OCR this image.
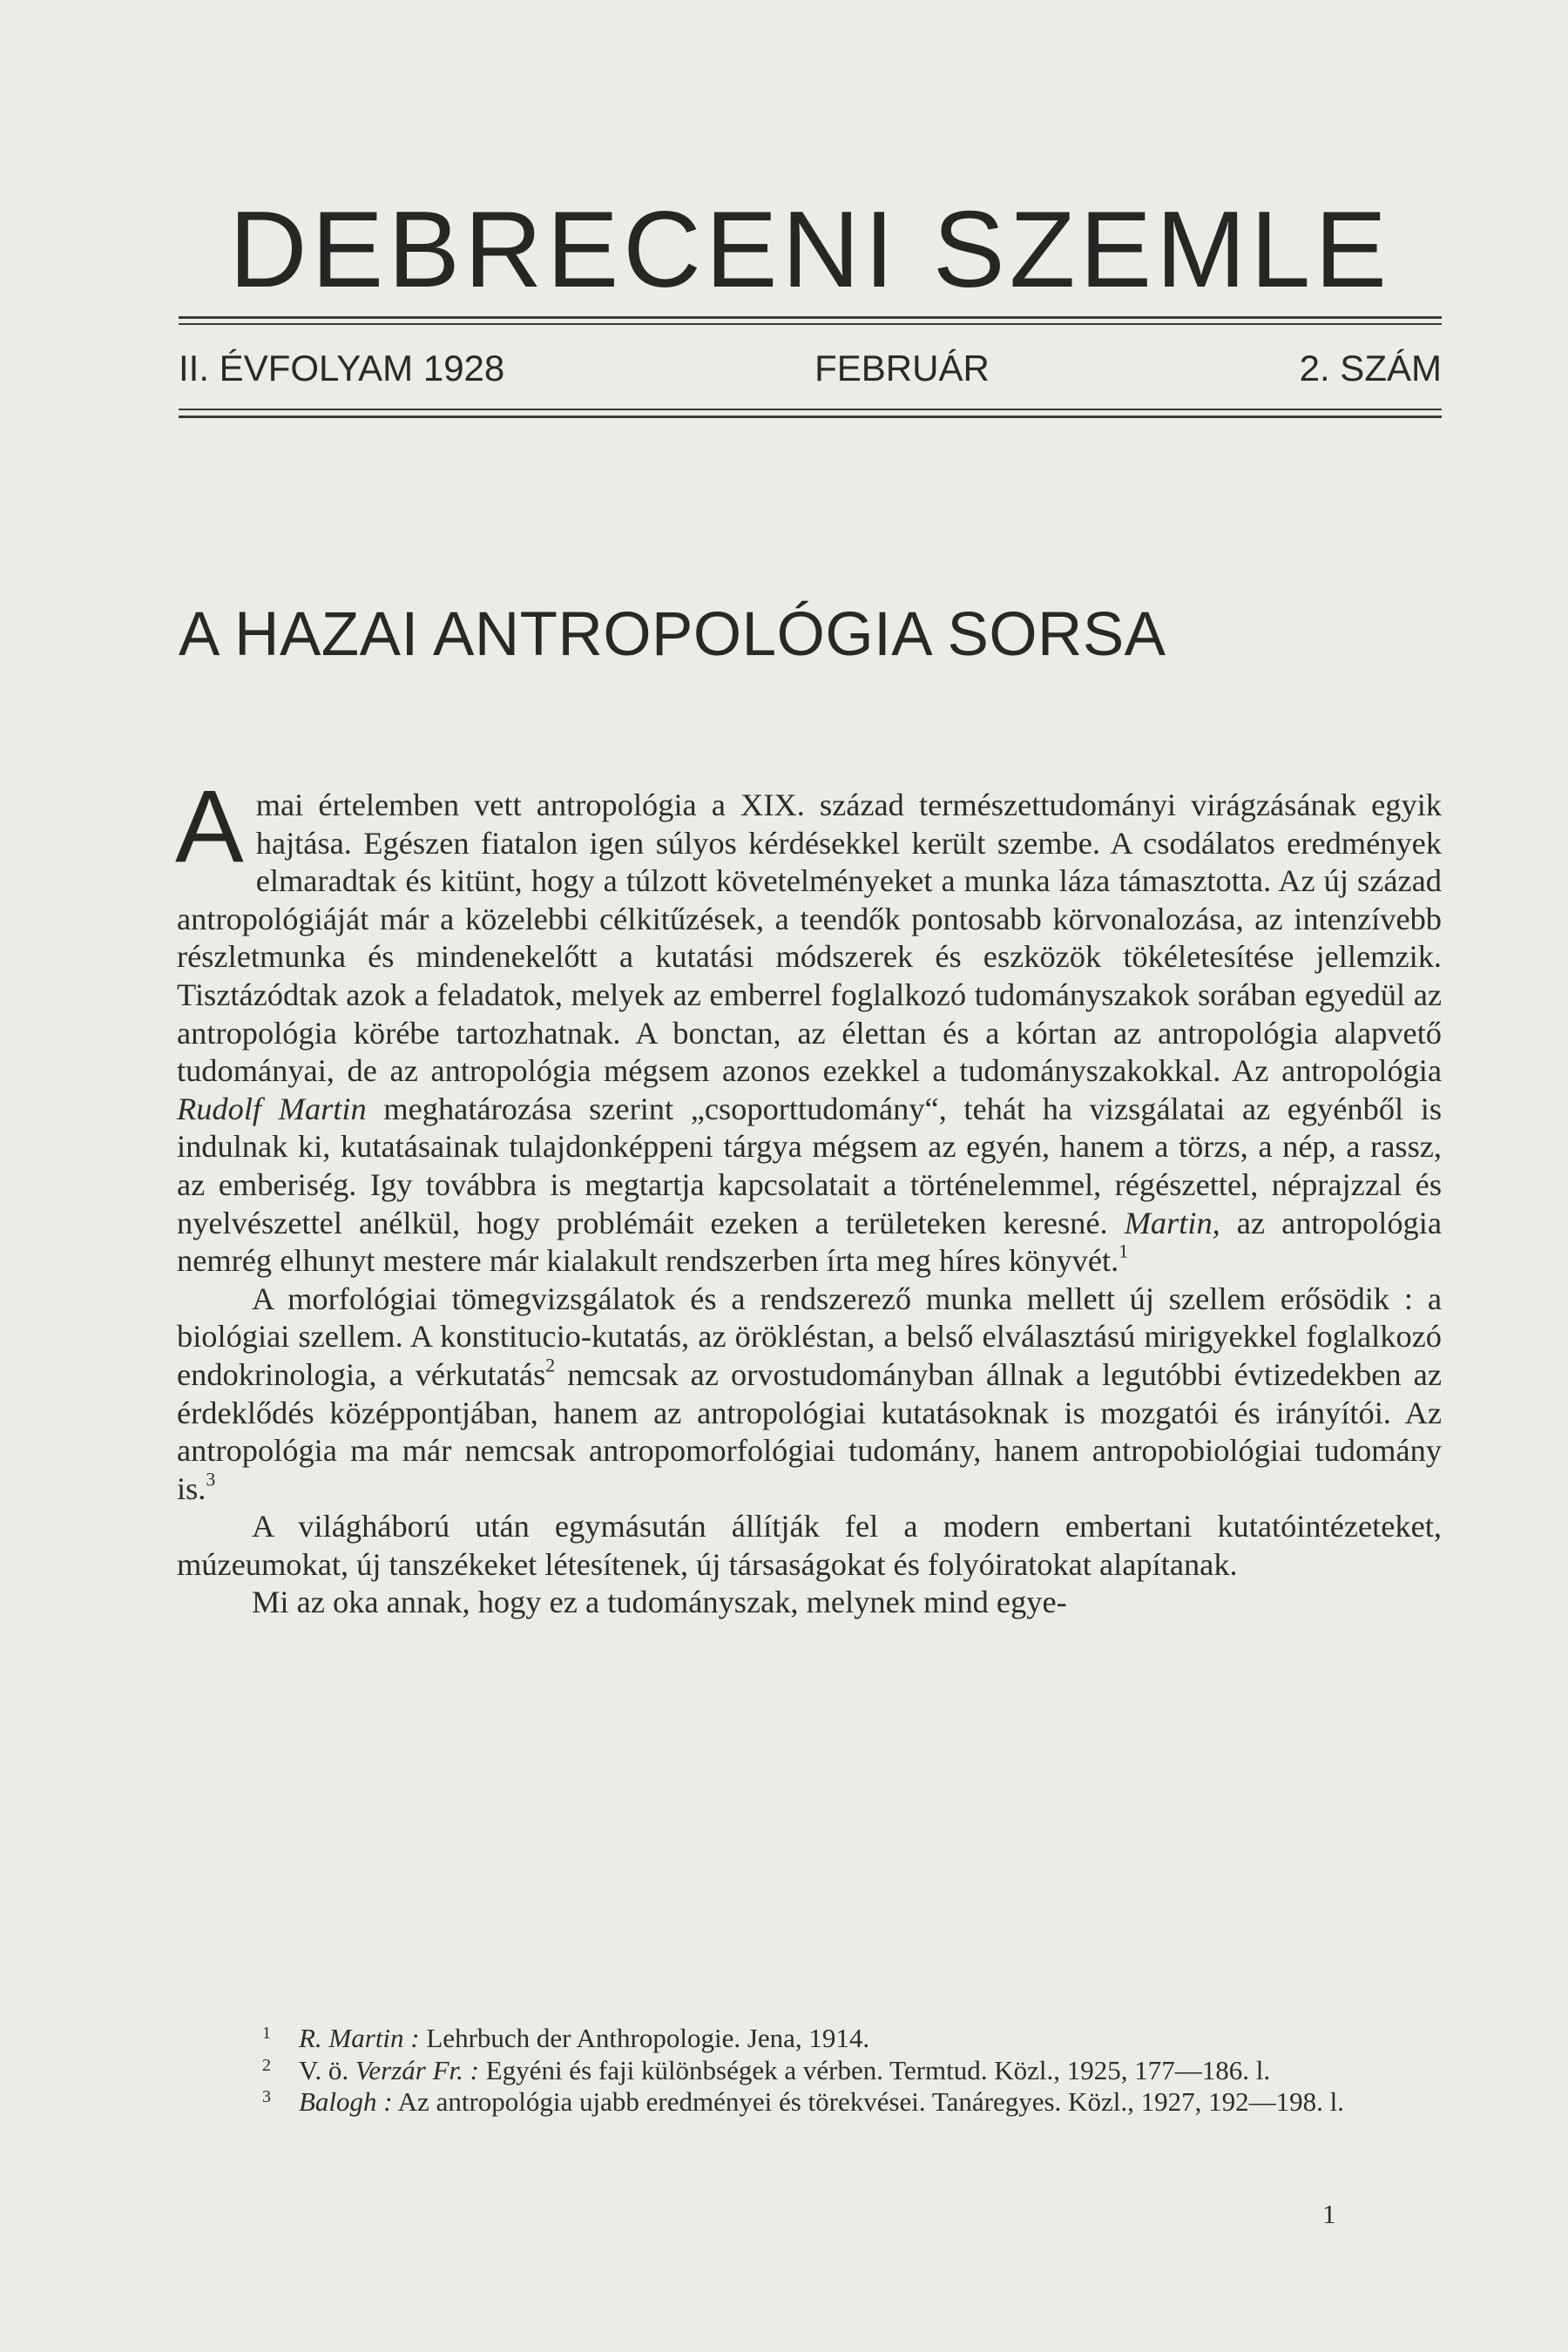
DEBRECENI SZEMLE
II. ÉVFOLYAM 1928	FEBRUÁR	2. SZÁM
A HAZAI ANTROPOLÓGIA SORSA

Amai értelemben vett antropológia a XIX. század természettudományi virágzásának egyik hajtása. Egészen fiatalon igen súlyos kérdésekkel került szembe. A csodálatos eredmények elmaradtak és kitünt, hogy a túlzott követelményeket a munka láza támasztotta. Az új század antropológiáját már a közelebbi célkitűzések, a teendők pontosabb körvonalozása, az intenzívebb részletmunka és mindenekelőtt a kutatási módszerek és eszközök tökéletesítése jellemzik. Tisztázódtak azok a feladatok, melyek az emberrel foglalkozó tudományszakok sorában egyedül az antropológia körébe tartozhatnak. A bonctan, az élettan és a kórtan az antropológia alapvető tudományai, de az antropológia mégsem azonos ezekkel a tudományszakokkal. Az antropológia Rudolf Martin meghatározása szerint „csoporttudomány“, tehát ha vizsgálatai az egyénből is indulnak ki, kutatásainak tulajdonképpeni tárgya mégsem az egyén, hanem a törzs, a nép, a rassz, az emberiség. Igy továbbra is megtartja kapcsolatait a történelemmel, régészettel, néprajzzal és nyelvészettel anélkül, hogy problémáit ezeken a területeken keresné. Martin, az antropológia nemrég elhunyt mestere már kialakult rendszerben írta meg híres könyvét.$^1$

A morfológiai tömegvizsgálatok és a rendszerező munka mellett új szellem erősödik : a biológiai szellem. A konstitucio-kutatás, az örökléstan, a belső elválasztású mirigyekkel foglalkozó endokrinologia, a vérkutatás$^2$ nemcsak az orvostudományban állnak a legutóbbi évtizedekben az érdeklődés középpontjában, hanem az antropológiai kutatásoknak is mozgatói és irányítói. Az antropológia ma már nemcsak antropomorfológiai tudomány, hanem antropobiológiai tudomány is.$^3$

A világháború után egymásután állítják fel a modern embertani kutatóintézeteket, múzeumokat, új tanszékeket létesítenek, új társaságokat és folyóiratokat alapítanak.

Mi az oka annak, hogy ez a tudományszak, melynek mind egye-

1 R. Martin : Lehrbuch der Anthropologie. Jena, 1914.

2 V. ö. Verzár Fr. : Egyéni és faji különbségek a vérben. Termtud. Közl., 1925, 177—186. l.

3 Balogh : Az antropológia ujabb eredményei és törekvései. Tanáregyes. Közl., 1927, 192—198. l.

1
